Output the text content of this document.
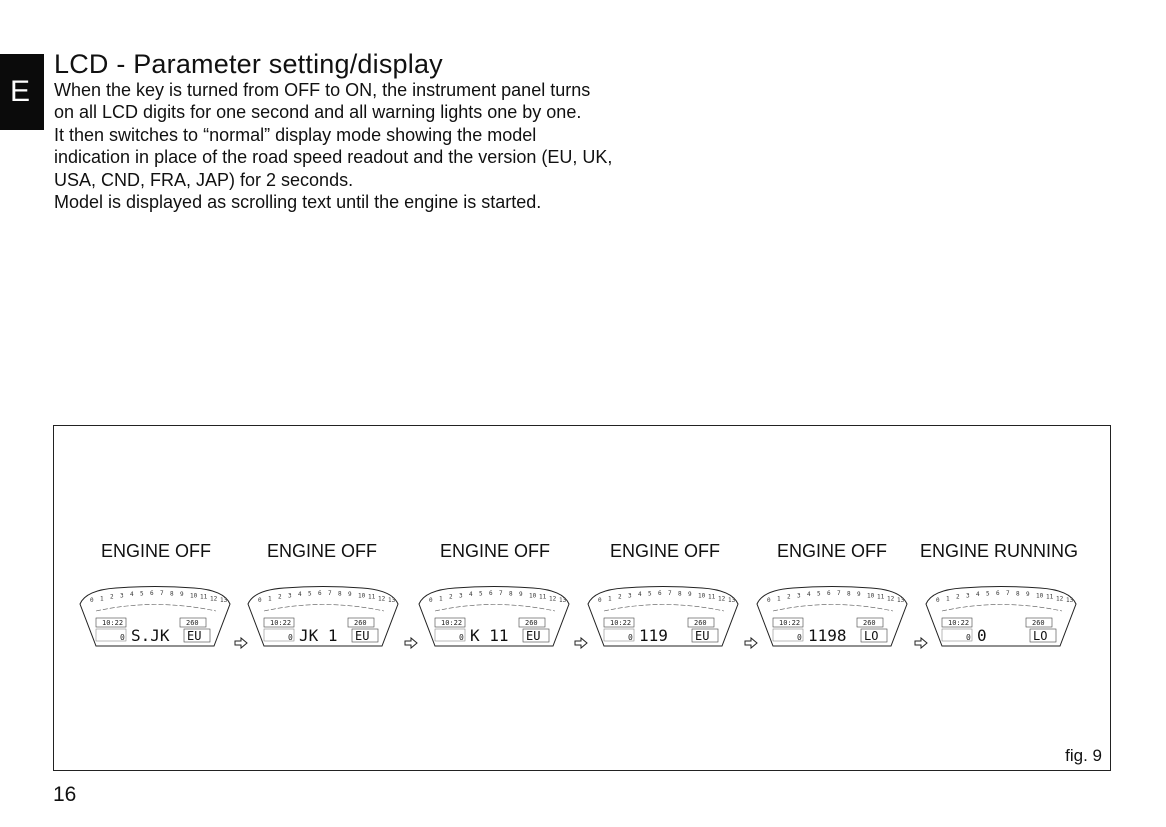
E
LCD - Parameter setting/display

When the key is turned from OFF to ON, the instrument panel turns on all LCD digits for one second and all warning lights one by one.

It then switches to “normal” display mode showing the model indication in place of the road speed readout and the version (EU, UK, USA, CND, FRA, JAP) for 2 seconds.

Model is displayed as scrolling text until the engine is started.

fig. 9
ENGINE OFF
0 1 2 3 4 5 6 7 8 9 10 11 12 13
10:22	260
0 S.JK EU
ENGINE OFF
0 1 2 3 4 5 6 7 8 9 10 11 12 13
10:22	260
0 JK 1 EU
ENGINE OFF
0 1 2 3 4 5 6 7 8 9 10 11 12 13
10:22	260
0 K 11 EU
ENGINE OFF
0 1 2 3 4 5 6 7 8 9 10 11 12 13
10:22	260
0 119 EU
ENGINE OFF
0 1 2 3 4 5 6 7 8 9 10 11 12 13
10:22	260
0 1198 LO
ENGINE RUNNING
0 1 2 3 4 5 6 7 8 9 10 11 12 13
10:22	260
0 0	LO
16
